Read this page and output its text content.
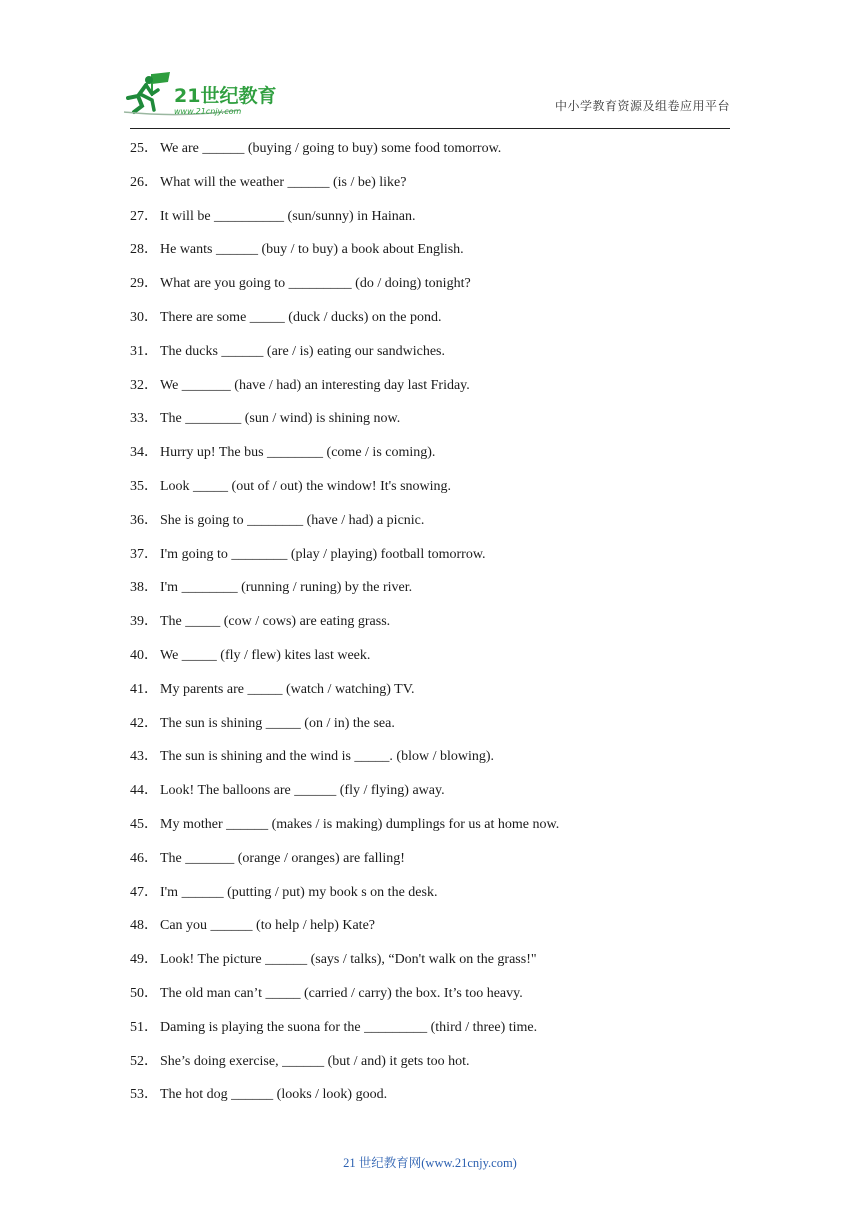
21世纪教育
www.21cnjy.com	中小学教育资源及组卷应用平台
25． We are ______ (buying / going to buy) some food tomorrow.
26． What will the weather ______ (is / be) like?
27． It will be __________ (sun/sunny) in Hainan.
28． He wants ______ (buy / to buy) a book about English.
29． What are you going to _________ (do / doing) tonight?
30． There are some _____ (duck / ducks) on the pond.
31． The ducks ______ (are / is) eating our sandwiches.
32． We _______ (have / had) an interesting day last Friday.
33． The ________ (sun / wind) is shining now.
34． Hurry up! The bus ________ (come / is coming).
35． Look _____ (out of / out) the window! It's snowing.
36． She is going to ________ (have / had) a picnic.
37． I'm going to ________ (play / playing) football tomorrow.
38． I'm ________ (running / runing) by the river.
39． The _____ (cow / cows) are eating grass.
40． We _____ (fly / flew) kites last week.
41． My parents are _____ (watch / watching) TV.
42． The sun is shining _____ (on / in) the sea.
43． The sun is shining and the wind is _____. (blow / blowing).
44． Look! The balloons are ______ (fly / flying) away.
45． My mother ______ (makes / is making) dumplings for us at home now.
46． The _______ (orange / oranges) are falling!
47． I'm ______ (putting / put) my book s on the desk.
48． Can you ______ (to help / help) Kate?
49． Look! The picture ______ (says / talks), “Don't walk on the grass!"
50． The old man can’t _____ (carried / carry) the box. It’s too heavy.
51． Daming is playing the suona for the _________ (third / three) time.
52． She’s doing exercise, ______ (but / and) it gets too hot.
53． The hot dog ______ (looks / look) good.
21 世纪教育网(www.21cnjy.com)
